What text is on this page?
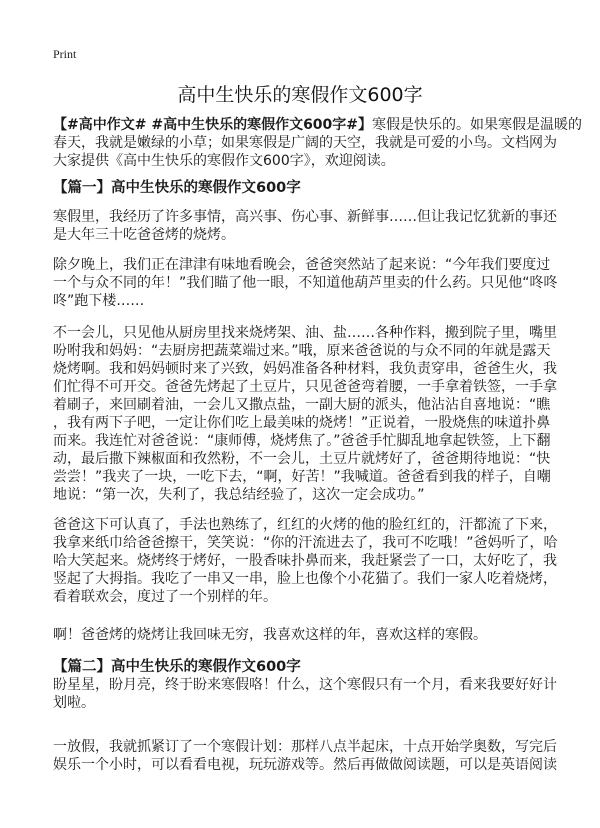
Print
高中生快乐的寒假作文600字
【#高中作文# #高中生快乐的寒假作文600字#】寒假是快乐的。如果寒假是温暖的
春天，我就是嫩绿的小草；如果寒假是广阔的天空，我就是可爱的小鸟。文档网为
大家提供《高中生快乐的寒假作文600字》，欢迎阅读。
【篇一】高中生快乐的寒假作文600字
寒假里，我经历了许多事情，高兴事、伤心事、新鲜事……但让我记忆犹新的事还
是大年三十吃爸爸烤的烧烤。
除夕晚上，我们正在津津有味地看晚会，爸爸突然站了起来说：“今年我们要度过
一个与众不同的年！”我们瞄了他一眼，不知道他葫芦里卖的什么药。只见他“咚咚
咚”跑下楼……
不一会儿，只见他从厨房里找来烧烤架、油、盐……各种作料，搬到院子里，嘴里
吩咐我和妈妈：“去厨房把蔬菜端过来。”哦，原来爸爸说的与众不同的年就是露天
烧烤啊。我和妈妈顿时来了兴致，妈妈准备各种材料，我负责穿串，爸爸生火，我
们忙得不可开交。爸爸先烤起了土豆片，只见爸爸弯着腰，一手拿着铁签，一手拿
着刷子，来回刷着油，一会儿又撒点盐，一副大厨的派头，他沾沾自喜地说：“瞧
，我有两下子吧，一定让你们吃上最美味的烧烤！”正说着，一股烧焦的味道扑鼻
而来。我连忙对爸爸说：“康师傅，烧烤焦了。”爸爸手忙脚乱地拿起铁签，上下翻
动，最后撒下辣椒面和孜然粉，不一会儿，土豆片就烤好了，爸爸期待地说：“快
尝尝！”我夹了一块，一吃下去，“啊，好苦！”我喊道。爸爸看到我的样子，自嘲
地说：“第一次，失利了，我总结经验了，这次一定会成功。”
爸爸这下可认真了，手法也熟练了，红红的火烤的他的脸红红的，汗都流了下来，
我拿来纸巾给爸爸擦干，笑笑说：“你的汗流进去了，我可不吃哦！”爸妈听了，哈
哈大笑起来。烧烤终于烤好，一股香味扑鼻而来，我赶紧尝了一口，太好吃了，我
竖起了大拇指。我吃了一串又一串，脸上也像个小花猫了。我们一家人吃着烧烤，
看着联欢会，度过了一个别样的年。
啊！爸爸烤的烧烤让我回味无穷，我喜欢这样的年，喜欢这样的寒假。
【篇二】高中生快乐的寒假作文600字
盼星星，盼月亮，终于盼来寒假咯！什么，这个寒假只有一个月，看来我要好好计
划啦。
一放假，我就抓紧订了一个寒假计划：那样八点半起床，十点开始学奥数，写完后
娱乐一个小时，可以看看电视，玩玩游戏等。然后再做做阅读题，可以是英语阅读
